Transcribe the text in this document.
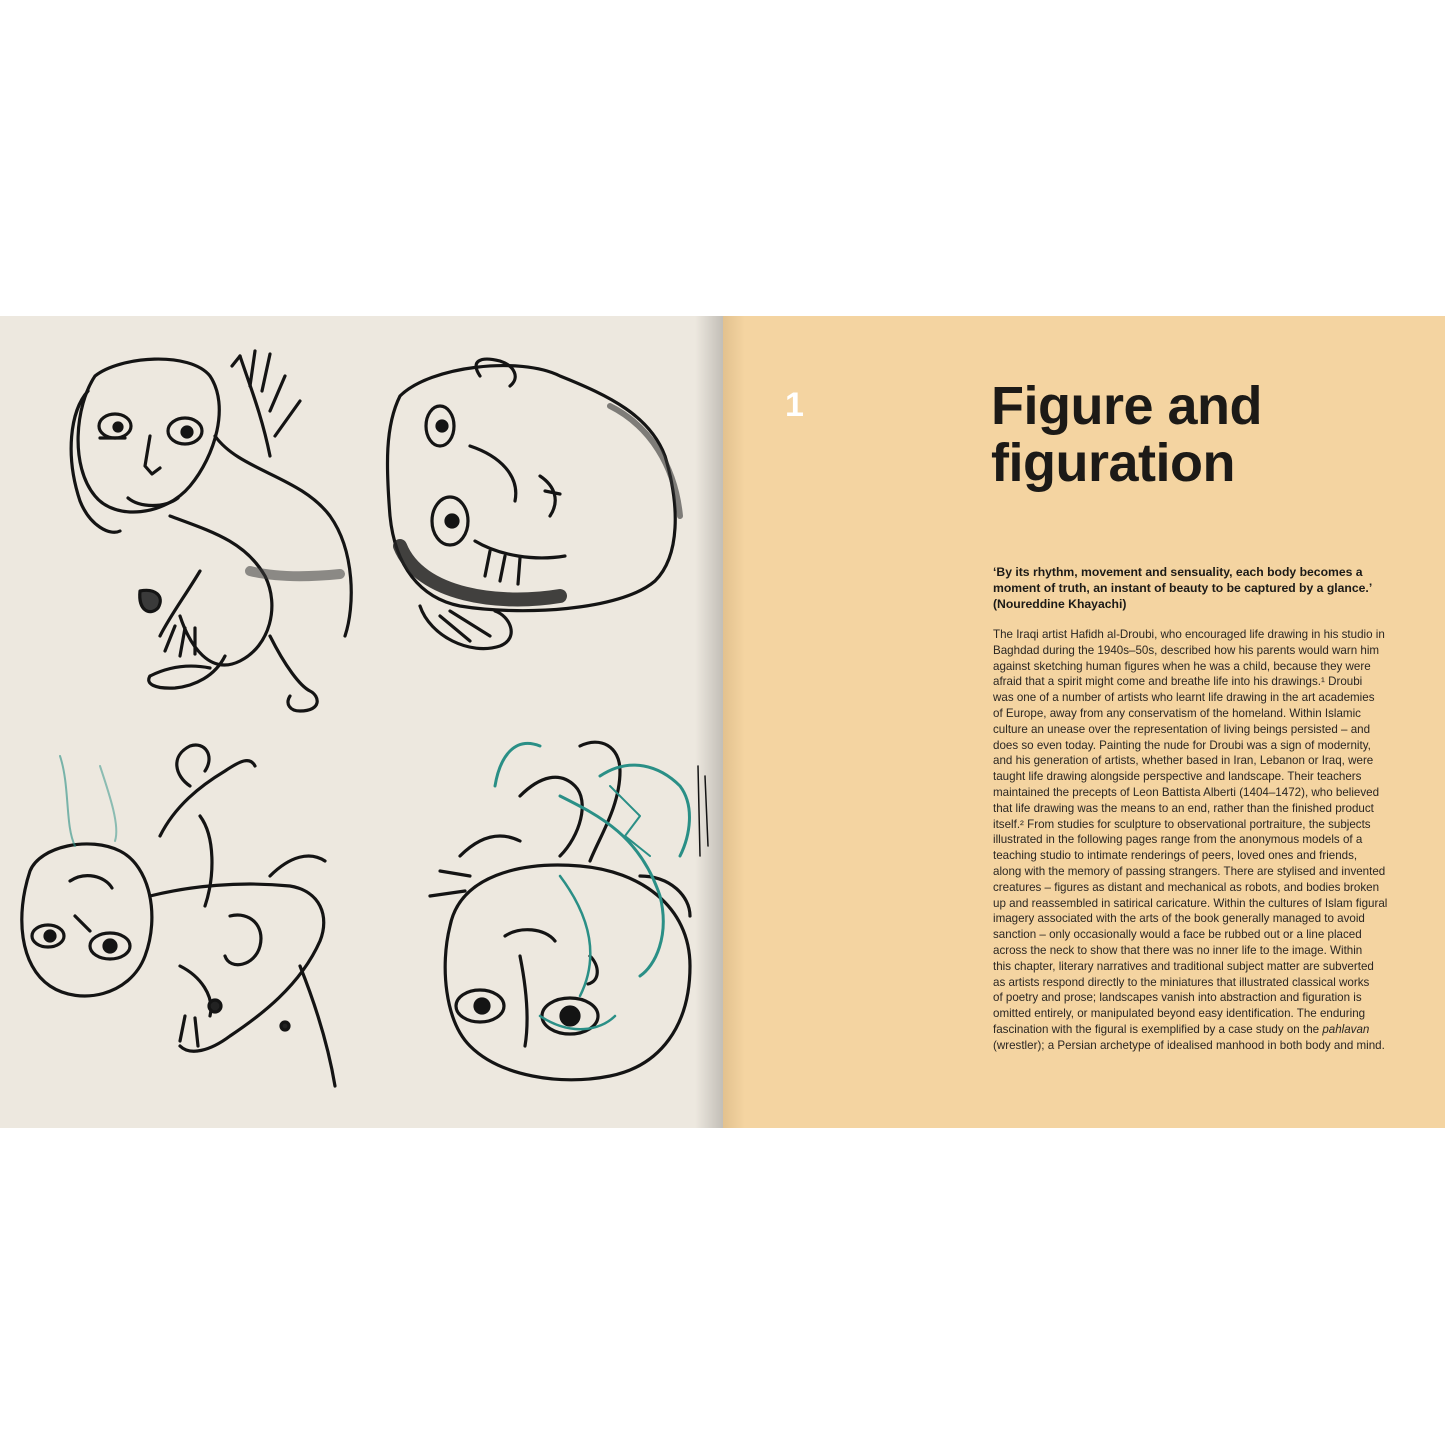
1	Figure and
figuration

‘By its rhythm, movement and sensuality, each body becomes a
moment of truth, an instant of beauty to be captured by a glance.’
(Noureddine Khayachi)

The Iraqi artist Hafidh al-Droubi, who encouraged life drawing in his studio in
Baghdad during the 1940s–50s, described how his parents would warn him
against sketching human figures when he was a child, because they were
afraid that a spirit might come and breathe life into his drawings.¹ Droubi
was one of a number of artists who learnt life drawing in the art academies
of Europe, away from any conservatism of the homeland. Within Islamic
culture an unease over the representation of living beings persisted – and
does so even today. Painting the nude for Droubi was a sign of modernity,
and his generation of artists, whether based in Iran, Lebanon or Iraq, were
taught life drawing alongside perspective and landscape. Their teachers
maintained the precepts of Leon Battista Alberti (1404–1472), who believed
that life drawing was the means to an end, rather than the finished product
itself.² From studies for sculpture to observational portraiture, the subjects
illustrated in the following pages range from the anonymous models of a
teaching studio to intimate renderings of peers, loved ones and friends,
along with the memory of passing strangers. There are stylised and invented
creatures – figures as distant and mechanical as robots, and bodies broken
up and reassembled in satirical caricature. Within the cultures of Islam figural
imagery associated with the arts of the book generally managed to avoid
sanction – only occasionally would a face be rubbed out or a line placed
across the neck to show that there was no inner life to the image. Within
this chapter, literary narratives and traditional subject matter are subverted
as artists respond directly to the miniatures that illustrated classical works
of poetry and prose; landscapes vanish into abstraction and figuration is
omitted entirely, or manipulated beyond easy identification. The enduring
fascination with the figural is exemplified by a case study on the pahlavan
(wrestler); a Persian archetype of idealised manhood in both body and mind.
